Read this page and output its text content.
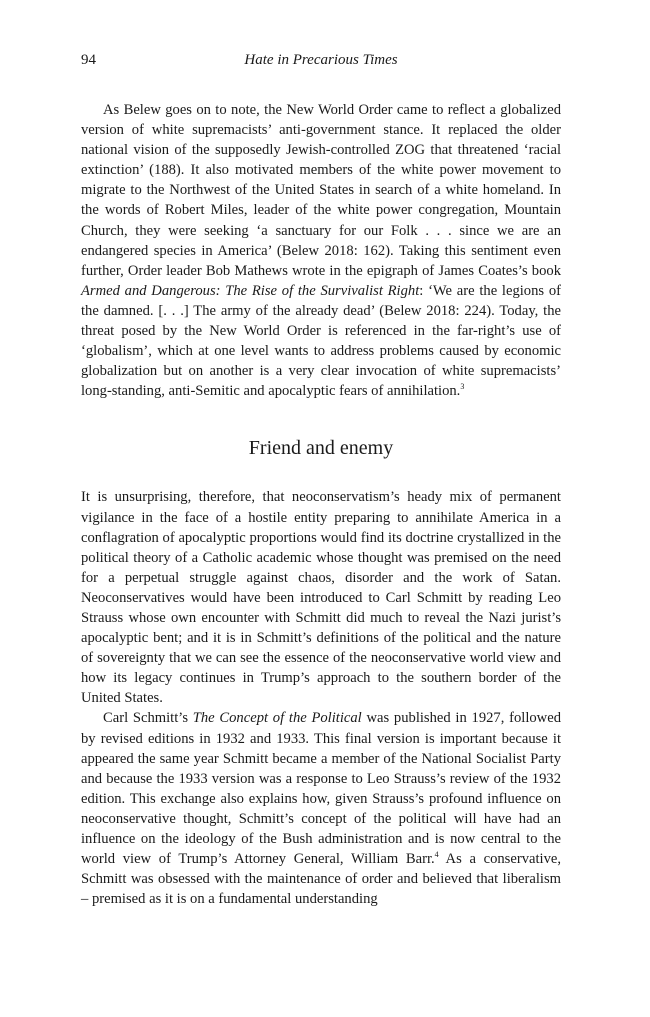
94	Hate in Precarious Times

As Belew goes on to note, the New World Order came to reflect a globalized version of white supremacists’ anti-government stance. It replaced the older national vision of the supposedly Jewish-controlled ZOG that threatened ‘racial extinction’ (188). It also motivated members of the white power movement to migrate to the Northwest of the United States in search of a white homeland. In the words of Robert Miles, leader of the white power congregation, Mountain Church, they were seeking ‘a sanctuary for our Folk . . . since we are an endangered species in America’ (Belew 2018: 162). Taking this sentiment even further, Order leader Bob Mathews wrote in the epigraph of James Coates’s book Armed and Dangerous: The Rise of the Survivalist Right: ‘We are the legions of the damned. [. . .] The army of the already dead’ (Belew 2018: 224). Today, the threat posed by the New World Order is referenced in the far-right’s use of ‘globalism’, which at one level wants to address problems caused by economic globalization but on another is a very clear invocation of white supremacists’ long-standing, anti-Semitic and apocalyptic fears of annihilation.$^3$

Friend and enemy

It is unsurprising, therefore, that neoconservatism’s heady mix of permanent vigilance in the face of a hostile entity preparing to annihilate America in a conflagration of apocalyptic proportions would find its doctrine crystallized in the political theory of a Catholic academic whose thought was premised on the need for a perpetual struggle against chaos, disorder and the work of Satan. Neoconservatives would have been introduced to Carl Schmitt by reading Leo Strauss whose own encounter with Schmitt did much to reveal the Nazi jurist’s apocalyptic bent; and it is in Schmitt’s definitions of the political and the nature of sovereignty that we can see the essence of the neoconservative world view and how its legacy continues in Trump’s approach to the southern border of the United States.

Carl Schmitt’s The Concept of the Political was published in 1927, followed by revised editions in 1932 and 1933. This final version is important because it appeared the same year Schmitt became a member of the National Socialist Party and because the 1933 version was a response to Leo Strauss’s review of the 1932 edition. This exchange also explains how, given Strauss’s profound influence on neoconservative thought, Schmitt’s concept of the political will have had an influence on the ideology of the Bush administration and is now central to the world view of Trump’s Attorney General, William Barr.$^4$ As a conservative, Schmitt was obsessed with the maintenance of order and believed that liberalism – premised as it is on a fundamental understanding
